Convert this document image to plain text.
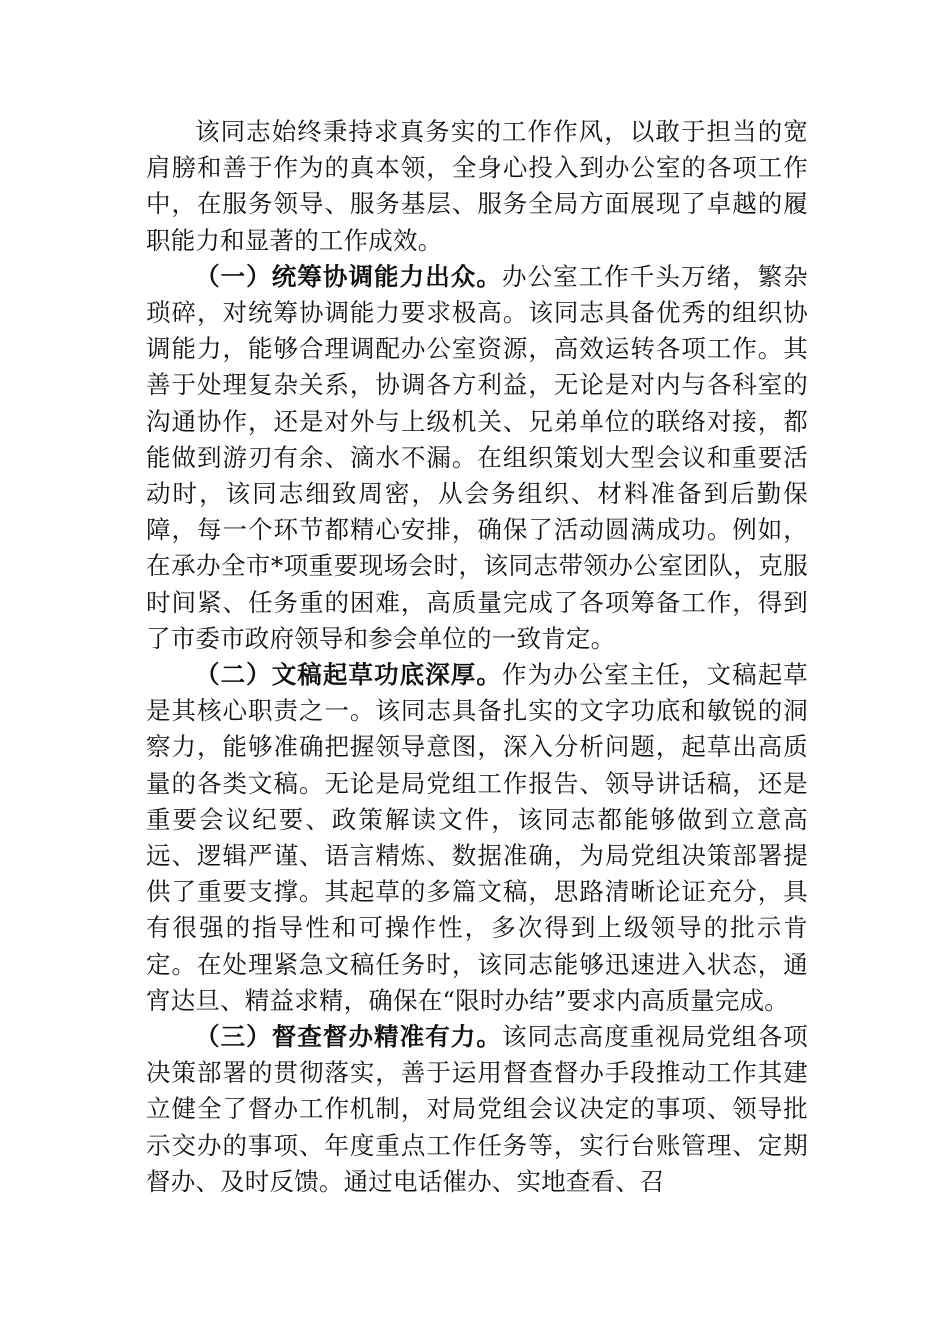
该同志始终秉持求真务实的工作作风，以敢于担当的宽肩膀和善于作为的真本领，全身心投入到办公室的各项工作中，在服务领导、服务基层、服务全局方面展现了卓越的履职能力和显著的工作成效。

（一）统筹协调能力出众。办公室工作千头万绪，繁杂琐碎，对统筹协调能力要求极高。该同志具备优秀的组织协调能力，能够合理调配办公室资源，高效运转各项工作。其善于处理复杂关系，协调各方利益，无论是对内与各科室的沟通协作，还是对外与上级机关、兄弟单位的联络对接，都能做到游刃有余、滴水不漏。在组织策划大型会议和重要活动时，该同志细致周密，从会务组织、材料准备到后勤保障，每一个环节都精心安排，确保了活动圆满成功。例如，在承办全市*项重要现场会时，该同志带领办公室团队，克服时间紧、任务重的困难，高质量完成了各项筹备工作，得到了市委市政府领导和参会单位的一致肯定。

（二）文稿起草功底深厚。作为办公室主任，文稿起草是其核心职责之一。该同志具备扎实的文字功底和敏锐的洞察力，能够准确把握领导意图，深入分析问题，起草出高质量的各类文稿。无论是局党组工作报告、领导讲话稿，还是重要会议纪要、政策解读文件，该同志都能够做到立意高远、逻辑严谨、语言精炼、数据准确，为局党组决策部署提供了重要支撑。其起草的多篇文稿，思路清晰论证充分，具有很强的指导性和可操作性，多次得到上级领导的批示肯定。在处理紧急文稿任务时，该同志能够迅速进入状态，通宵达旦、精益求精，确保在“限时办结”要求内高质量完成。

（三）督查督办精准有力。该同志高度重视局党组各项决策部署的贯彻落实，善于运用督查督办手段推动工作其建立健全了督办工作机制，对局党组会议决定的事项、领导批示交办的事项、年度重点工作任务等，实行台账管理、定期督办、及时反馈。通过电话催办、实地查看、召
